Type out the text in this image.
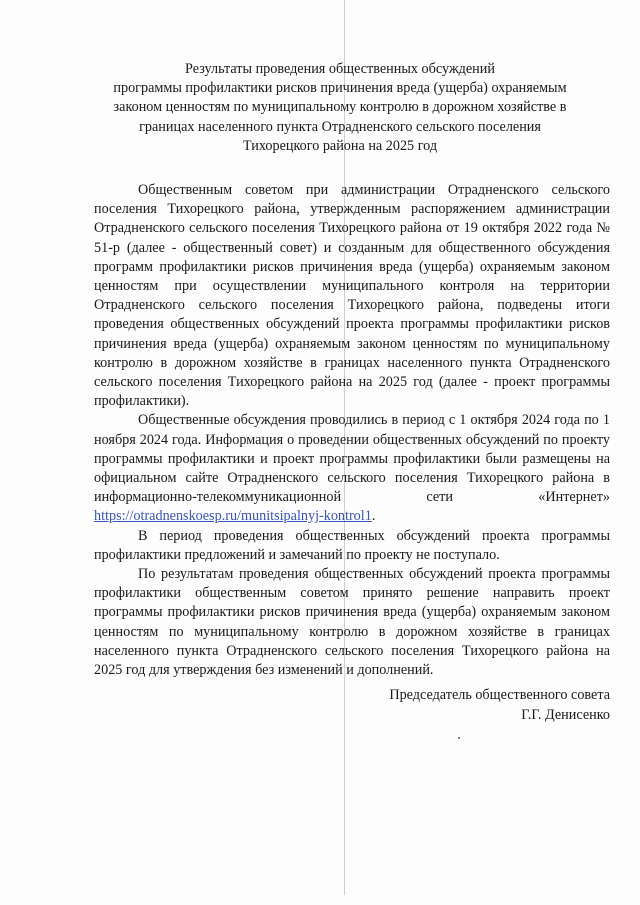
Результаты проведения общественных обсуждений
программы профилактики рисков причинения вреда (ущерба) охраняемым
законом ценностям по муниципальному контролю в дорожном хозяйстве в
границах населенного пункта Отрадненского сельского поселения
Тихорецкого района на 2025 год

Общественным советом при администрации Отрадненского сельского поселения Тихорецкого района, утвержденным распоряжением администрации Отрадненского сельского поселения Тихорецкого района от 19 октября 2022 года № 51-р (далее - общественный совет) и созданным для общественного обсуждения программ профилактики рисков причинения вреда (ущерба) охраняемым законом ценностям при осуществлении муниципального контроля на территории Отрадненского сельского поселения Тихорецкого района, подведены итоги проведения общественных обсуждений проекта программы профилактики рисков причинения вреда (ущерба) охраняемым законом ценностям по муниципальному контролю в дорожном хозяйстве в границах населенного пункта Отрадненского сельского поселения Тихорецкого района на 2025 год (далее - проект программы профилактики).

Общественные обсуждения проводились в период с 1 октября 2024 года по 1 ноября 2024 года. Информация о проведении общественных обсуждений по проекту программы профилактики и проект программы профилактики были размещены на официальном сайте Отрадненского сельского поселения Тихорецкого района в информационно-телекоммуникационной сети «Интернет» https://otradnenskoesp.ru/munitsipalnyj-kontrol1.

В период проведения общественных обсуждений проекта программы профилактики предложений и замечаний по проекту не поступало.

По результатам проведения общественных обсуждений проекта программы профилактики общественным советом принято решение направить проект программы профилактики рисков причинения вреда (ущерба) охраняемым законом ценностям по муниципальному контролю в дорожном хозяйстве в границах населенного пункта Отрадненского сельского поселения Тихорецкого района на 2025 год для утверждения без изменений и дополнений.

Председатель общественного совета
Г.Г. Денисенко
